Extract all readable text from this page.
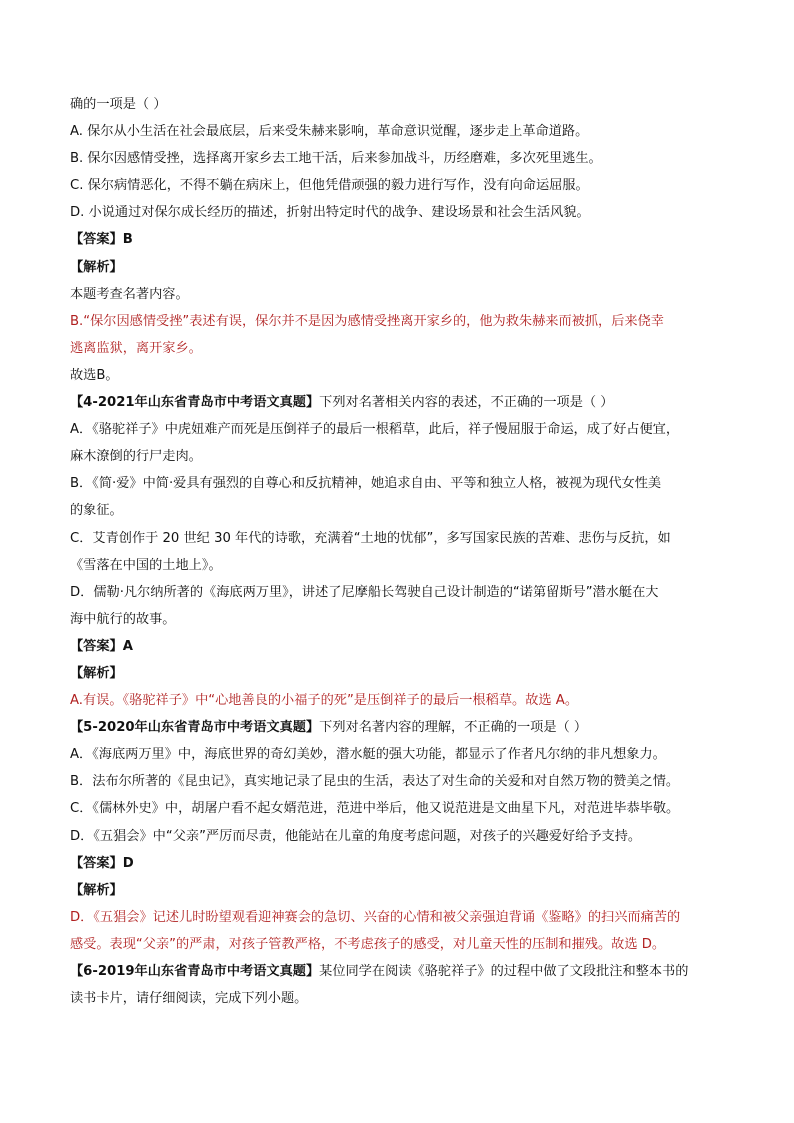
确的一项是（ ）
A. 保尔从小生活在社会最底层，后来受朱赫来影响，革命意识觉醒，逐步走上革命道路。
B. 保尔因感情受挫，选择离开家乡去工地干活，后来参加战斗，历经磨难，多次死里逃生。
C. 保尔病情恶化，不得不躺在病床上，但他凭借顽强的毅力进行写作，没有向命运屈服。
D. 小说通过对保尔成长经历的描述，折射出特定时代的战争、建设场景和社会生活风貌。
【答案】B
【解析】
本题考查名著内容。
B.“保尔因感情受挫”表述有误，保尔并不是因为感情受挫离开家乡的，他为救朱赫来而被抓，后来侥幸
逃离监狱，离开家乡。
故选B。
【4-2021年山东省青岛市中考语文真题】下列对名著相关内容的表述，不正确的一项是（ ）
A．《骆驼祥子》中虎妞难产而死是压倒祥子的最后一根稻草，此后，祥子慢屈服于命运，成了好占便宜，
麻木潦倒的行尸走肉。
B．《简·爱》中简·爱具有强烈的自尊心和反抗精神，她追求自由、平等和独立人格，被视为现代女性美
的象征。
C．艾青创作于 20 世纪 30 年代的诗歌，充满着“土地的忧郁”，多写国家民族的苦难、悲伤与反抗，如
《雪落在中国的土地上》。
D．儒勒·凡尔纳所著的《海底两万里》，讲述了尼摩船长驾驶自己设计制造的“诺第留斯号”潜水艇在大
海中航行的故事。
【答案】A
【解析】
A.有误。《骆驼祥子》中“心地善良的小福子的死”是压倒祥子的最后一根稻草。故选 A。
【5-2020年山东省青岛市中考语文真题】下列对名著内容的理解，不正确的一项是（ ）
A．《海底两万里》中，海底世界的奇幻美妙，潜水艇的强大功能，都显示了作者凡尔纳的非凡想象力。
B．法布尔所著的《昆虫记》，真实地记录了昆虫的生活，表达了对生命的关爱和对自然万物的赞美之情。
C．《儒林外史》中，胡屠户看不起女婿范进，范进中举后，他又说范进是文曲星下凡，对范进毕恭毕敬。
D．《五猖会》中“父亲”严厉而尽责，他能站在儿童的角度考虑问题，对孩子的兴趣爱好给予支持。
【答案】D
【解析】
D．《五猖会》记述儿时盼望观看迎神赛会的急切、兴奋的心情和被父亲强迫背诵《鉴略》的扫兴而痛苦的
感受。表现“父亲”的严肃，对孩子管教严格，不考虑孩子的感受，对儿童天性的压制和摧残。故选 D。
【6-2019年山东省青岛市中考语文真题】某位同学在阅读《骆驼祥子》的过程中做了文段批注和整本书的
读书卡片，请仔细阅读，完成下列小题。
